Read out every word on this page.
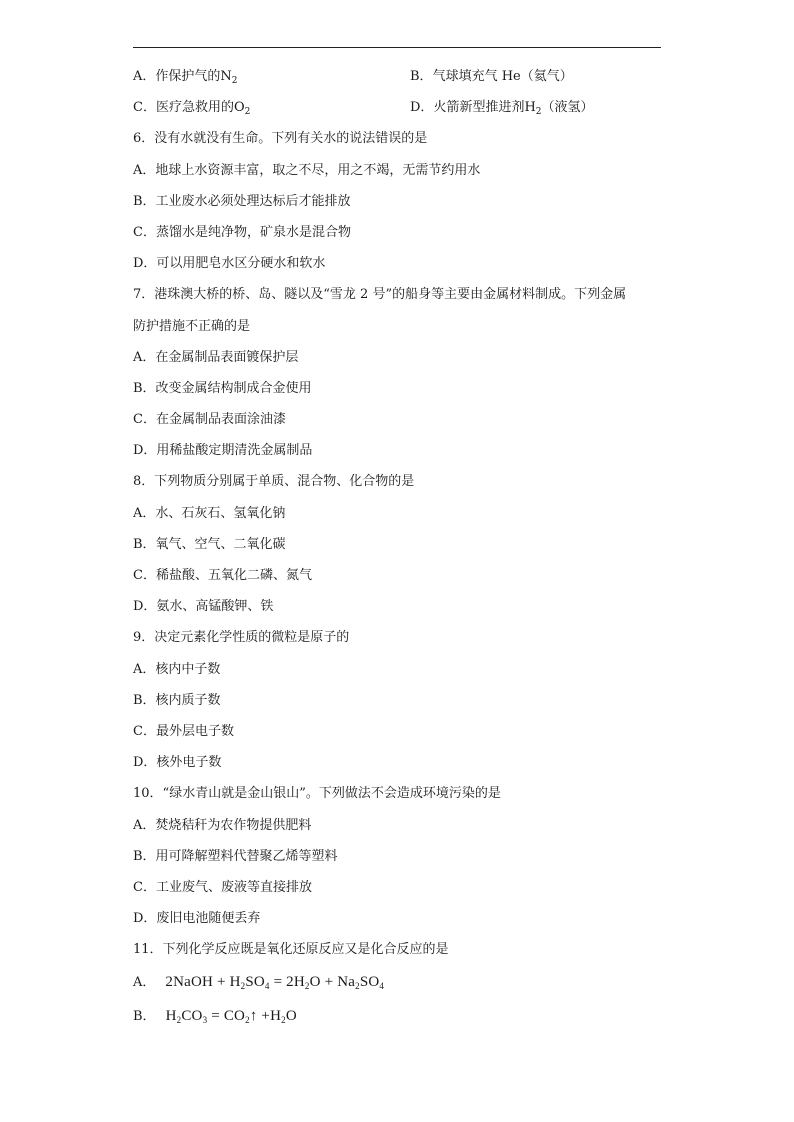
A．作保护气的$N_2$	B．气球填充气 He（氦气）
C．医疗急救用的$O_2$	D．火箭新型推进剂$H_2$（液氢）
6．没有水就没有生命。下列有关水的说法错误的是
A．地球上水资源丰富，取之不尽，用之不竭，无需节约用水
B．工业废水必须处理达标后才能排放
C．蒸馏水是纯净物，矿泉水是混合物
D．可以用肥皂水区分硬水和软水
7．港珠澳大桥的桥、岛、隧以及“雪龙 2 号”的船身等主要由金属材料制成。下列金属
防护措施不正确的是
A．在金属制品表面镀保护层
B．改变金属结构制成合金使用
C．在金属制品表面涂油漆
D．用稀盐酸定期清洗金属制品
8．下列物质分别属于单质、混合物、化合物的是
A．水、石灰石、氢氧化钠
B．氧气、空气、二氧化碳
C．稀盐酸、五氧化二磷、氮气
D．氨水、高锰酸钾、铁
9．决定元素化学性质的微粒是原子的
A．核内中子数
B．核内质子数
C．最外层电子数
D．核外电子数
10．“绿水青山就是金山银山”。下列做法不会造成环境污染的是
A．焚烧秸秆为农作物提供肥料
B．用可降解塑料代替聚乙烯等塑料
C．工业废气、废液等直接排放
D．废旧电池随便丢弃
11．下列化学反应既是氧化还原反应又是化合反应的是
A． 2NaOH + $H_2SO_4 = 2H_2O + Na_2SO_4$
B． $H_2CO_3$ = $CO_2↑ +H_2O$
